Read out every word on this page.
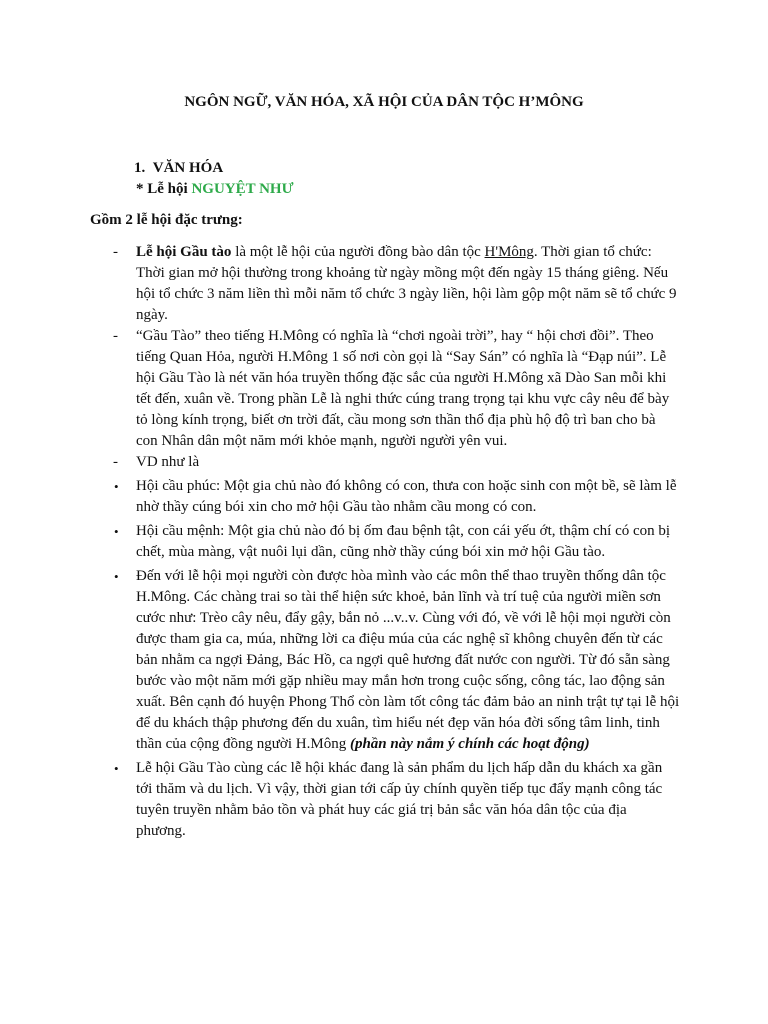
NGÔN NGỮ, VĂN HÓA, XÃ HỘI CỦA DÂN TỘC H’MÔNG
1. VĂN HÓA
* Lễ hội NGUYỆT NHƯ
Gồm 2 lễ hội đặc trưng:
- Lễ hội Gầu tào là một lễ hội của người đồng bào dân tộc H'Mông. Thời gian tổ chức: Thời gian mở hội thường trong khoảng từ ngày mồng một đến ngày 15 tháng giêng. Nếu hội tổ chức 3 năm liền thì mỗi năm tổ chức 3 ngày liền, hội làm gộp một năm sẽ tổ chức 9 ngày.
- “Gầu Tào” theo tiếng H.Mông có nghĩa là “chơi ngoài trời”, hay “ hội chơi đồi”. Theo tiếng Quan Hỏa, người H.Mông 1 số nơi còn gọi là “Say Sán” có nghĩa là “Đạp núi”. Lễ hội Gầu Tào là nét văn hóa truyền thống đặc sắc của người H.Mông xã Dào San mỗi khi tết đến, xuân về. Trong phần Lễ là nghi thức cúng trang trọng tại khu vực cây nêu để bày tỏ lòng kính trọng, biết ơn trời đất, cầu mong sơn thần thổ địa phù hộ độ trì ban cho bà con Nhân dân một năm mới khỏe mạnh, người người yên vui.
- VD như là
• Hội cầu phúc: Một gia chủ nào đó không có con, thưa con hoặc sinh con một bề, sẽ làm lễ nhờ thầy cúng bói xin cho mở hội Gầu tào nhằm cầu mong có con.
• Hội cầu mệnh: Một gia chủ nào đó bị ốm đau bệnh tật, con cái yếu ớt, thậm chí có con bị chết, mùa màng, vật nuôi lụi dần, cũng nhờ thầy cúng bói xin mở hội Gầu tào.
• Đến với lễ hội mọi người còn được hòa mình vào các môn thể thao truyền thống dân tộc H.Mông. Các chàng trai so tài thể hiện sức khoẻ, bản lĩnh và trí tuệ của người miền sơn cước như: Trèo cây nêu, đẩy gậy, bắn nỏ ...v..v. Cùng với đó, về với lễ hội mọi người còn được tham gia ca, múa, những lời ca điệu múa của các nghệ sĩ không chuyên đến từ các bản nhằm ca ngợi Đảng, Bác Hồ, ca ngợi quê hương đất nước con người. Từ đó sẵn sàng bước vào một năm mới gặp nhiều may mắn hơn trong cuộc sống, công tác, lao động sản xuất. Bên cạnh đó huyện Phong Thổ còn làm tốt công tác đảm bảo an ninh trật tự tại lễ hội để du khách thập phương đến du xuân, tìm hiểu nét đẹp văn hóa đời sống tâm linh, tinh thần của cộng đồng người H.Mông (phần này nắm ý chính các hoạt động)
• Lễ hội Gầu Tào cùng các lễ hội khác đang là sản phẩm du lịch hấp dẫn du khách xa gần tới thăm và du lịch. Vì vậy, thời gian tới cấp ủy chính quyền tiếp tục đẩy mạnh công tác tuyên truyền nhằm bảo tồn và phát huy các giá trị bản sắc văn hóa dân tộc của địa phương.
